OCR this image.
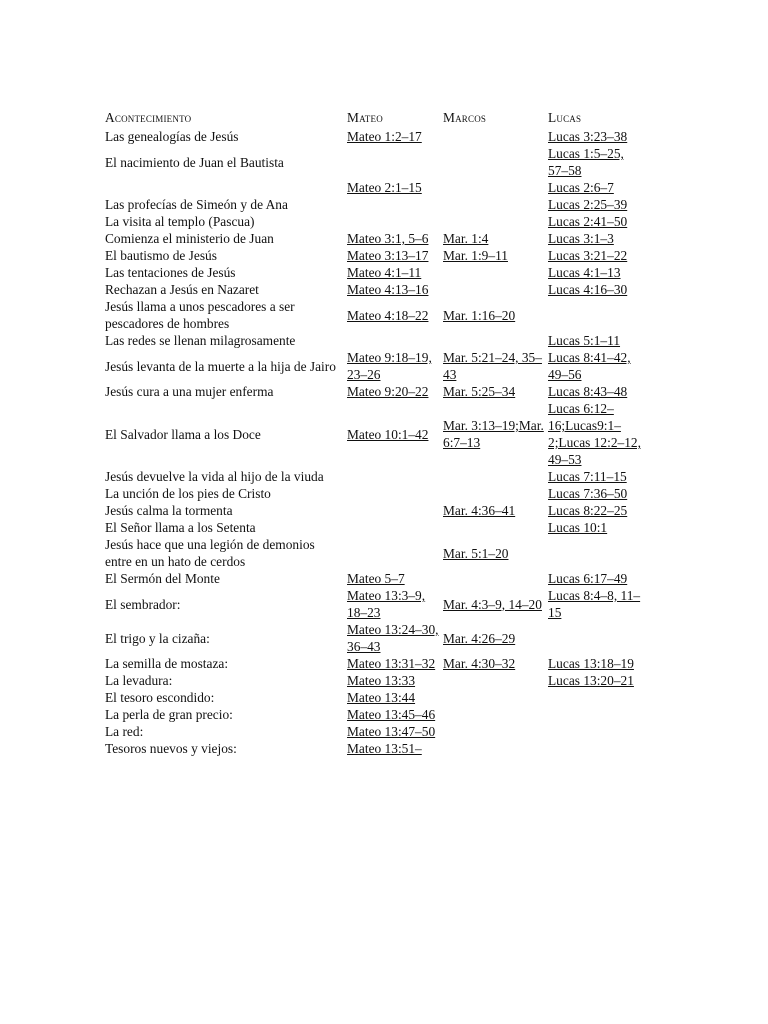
Acontecimiento	Mateo	Marcos	Lucas
Las genealogías de Jesús	Mateo 1:2–17		Lucas 3:23–38
El nacimiento de Juan el Bautista			Lucas 1:5–25, 57–58
	Mateo 2:1–15		Lucas 2:6–7
Las profecías de Simeón y de Ana			Lucas 2:25–39
La visita al templo (Pascua)			Lucas 2:41–50
Comienza el ministerio de Juan	Mateo 3:1, 5–6	Mar. 1:4	Lucas 3:1–3
El bautismo de Jesús	Mateo 3:13–17	Mar. 1:9–11	Lucas 3:21–22
Las tentaciones de Jesús	Mateo 4:1–11		Lucas 4:1–13
Rechazan a Jesús en Nazaret	Mateo 4:13–16		Lucas 4:16–30
Jesús llama a unos pescadores a ser pescadores de hombres	Mateo 4:18–22	Mar. 1:16–20	
Las redes se llenan milagrosamente			Lucas 5:1–11
Jesús levanta de la muerte a la hija de Jairo	Mateo 9:18–19, 23–26	Mar. 5:21–24, 35–43	Lucas 8:41–42, 49–56
Jesús cura a una mujer enferma	Mateo 9:20–22	Mar. 5:25–34	Lucas 8:43–48
El Salvador llama a los Doce	Mateo 10:1–42	Mar. 3:13–19;Mar. 6:7–13	Lucas 6:12–16;Lucas9:1–2;Lucas 12:2–12, 49–53
Jesús devuelve la vida al hijo de la viuda			Lucas 7:11–15
La unción de los pies de Cristo			Lucas 7:36–50
Jesús calma la tormenta		Mar. 4:36–41	Lucas 8:22–25
El Señor llama a los Setenta			Lucas 10:1
Jesús hace que una legión de demonios entre en un hato de cerdos		Mar. 5:1–20	
El Sermón del Monte	Mateo 5–7		Lucas 6:17–49
El sembrador:	Mateo 13:3–9, 18–23	Mar. 4:3–9, 14–20	Lucas 8:4–8, 11–15
El trigo y la cizaña:	Mateo 13:24–30, 36–43	Mar. 4:26–29	
La semilla de mostaza:	Mateo 13:31–32	Mar. 4:30–32	Lucas 13:18–19
La levadura:	Mateo 13:33		Lucas 13:20–21
El tesoro escondido:	Mateo 13:44		
La perla de gran precio:	Mateo 13:45–46		
La red:	Mateo 13:47–50		
Tesoros nuevos y viejos:	Mateo 13:51–		
